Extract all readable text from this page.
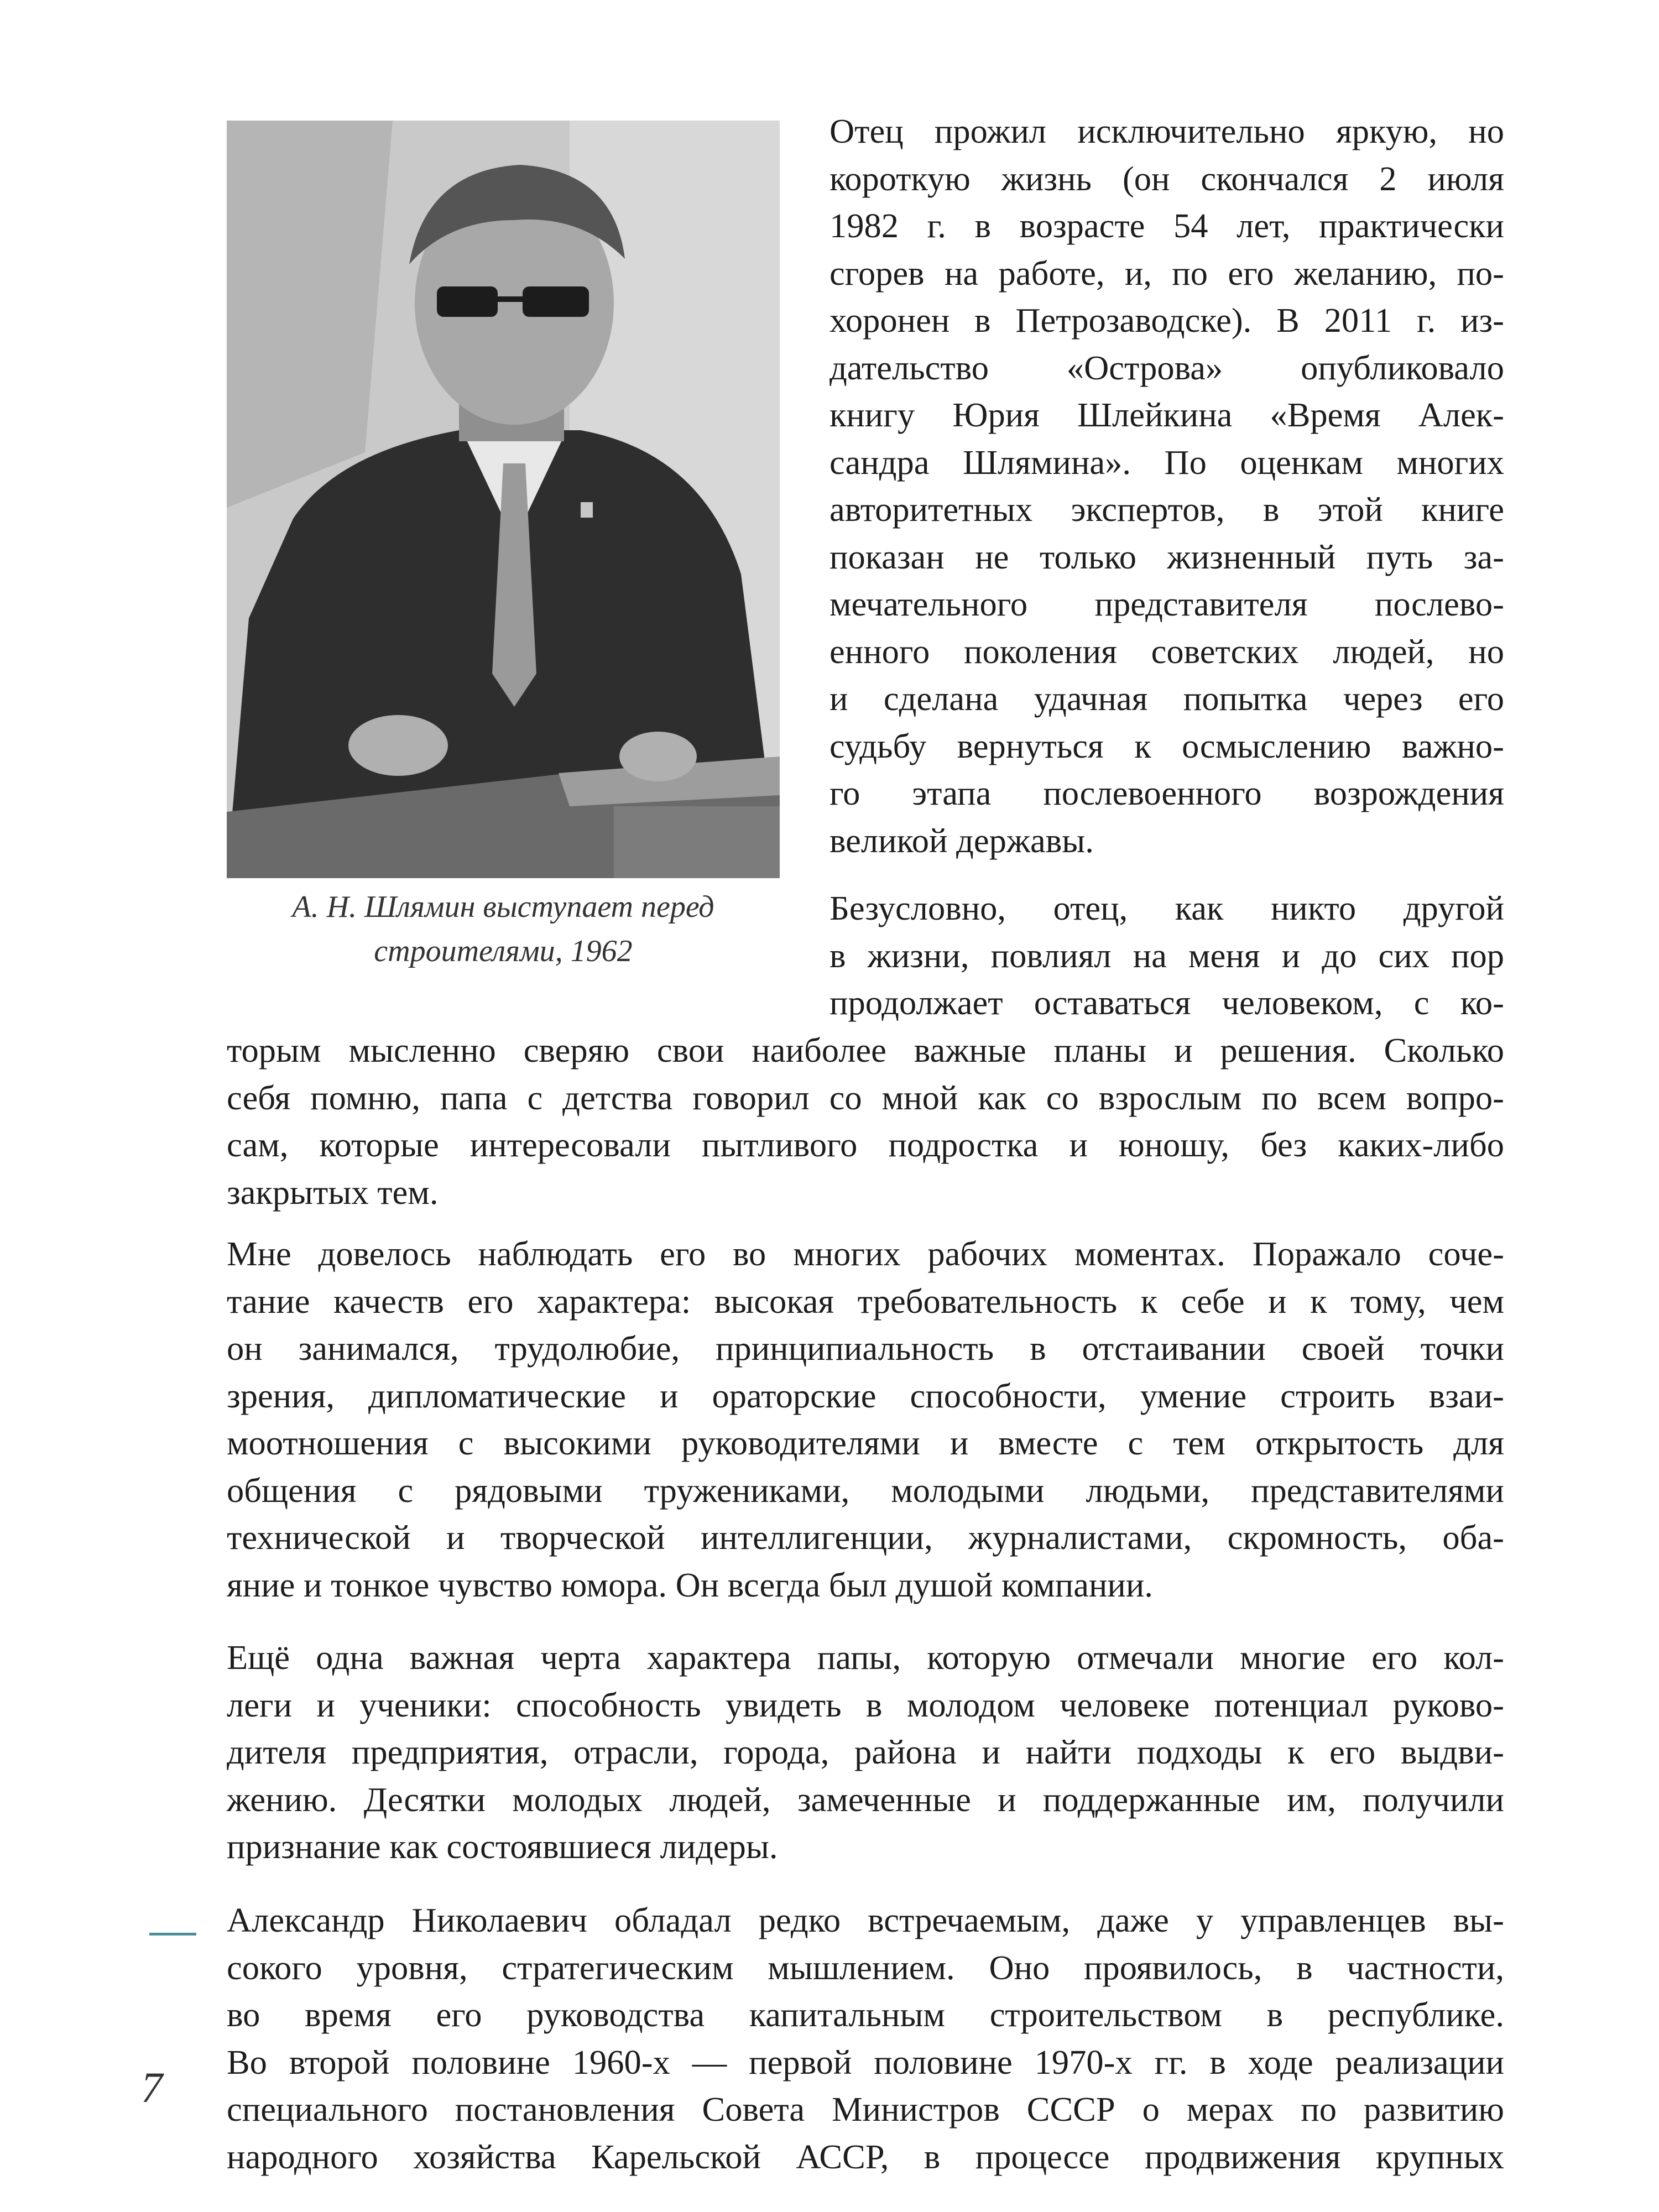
А. Н. Шлямин выступает перед
строителями, 1962
Отец прожил исключительно яркую, но
короткую жизнь (он скончался 2 июля
1982 г. в возрасте 54 лет, практически
сгорев на работе, и, по его желанию, по-
хоронен в Петрозаводске). В 2011 г. из-
дательство «Острова» опубликовало
книгу Юрия Шлейкина «Время Алек-
сандра Шлямина». По оценкам многих
авторитетных экспертов, в этой книге
показан не только жизненный путь за-
мечательного представителя послево-
енного поколения советских людей, но
и сделана удачная попытка через его
судьбу вернуться к осмыслению важно-
го этапа послевоенного возрождения
великой державы.
Безусловно, отец, как никто другой
в жизни, повлиял на меня и до сих пор
продолжает оставаться человеком, с ко-
торым мысленно сверяю свои наиболее важные планы и решения. Сколько
себя помню, папа с детства говорил со мной как со взрослым по всем вопро-
сам, которые интересовали пытливого подростка и юношу, без каких-либо
закрытых тем.
Мне довелось наблюдать его во многих рабочих моментах. Поражало соче-
тание качеств его характера: высокая требовательность к себе и к тому, чем
он занимался, трудолюбие, принципиальность в отстаивании своей точки
зрения, дипломатические и ораторские способности, умение строить взаи-
моотношения с высокими руководителями и вместе с тем открытость для
общения с рядовыми тружениками, молодыми людьми, представителями
технической и творческой интеллигенции, журналистами, скромность, оба-
яние и тонкое чувство юмора. Он всегда был душой компании.
Ещё одна важная черта характера папы, которую отмечали многие его кол-
леги и ученики: способность увидеть в молодом человеке потенциал руково-
дителя предприятия, отрасли, города, района и найти подходы к его выдви-
жению. Десятки молодых людей, замеченные и поддержанные им, получили
признание как состоявшиеся лидеры.
Александр Николаевич обладал редко встречаемым, даже у управленцев вы-
сокого уровня, стратегическим мышлением. Оно проявилось, в частности,
во время его руководства капитальным строительством в республике.
Во второй половине 1960-х — первой половине 1970-х гг. в ходе реализации
специального постановления Совета Министров СССР о мерах по развитию
народного хозяйства Карельской АССР, в процессе продвижения крупных
7
